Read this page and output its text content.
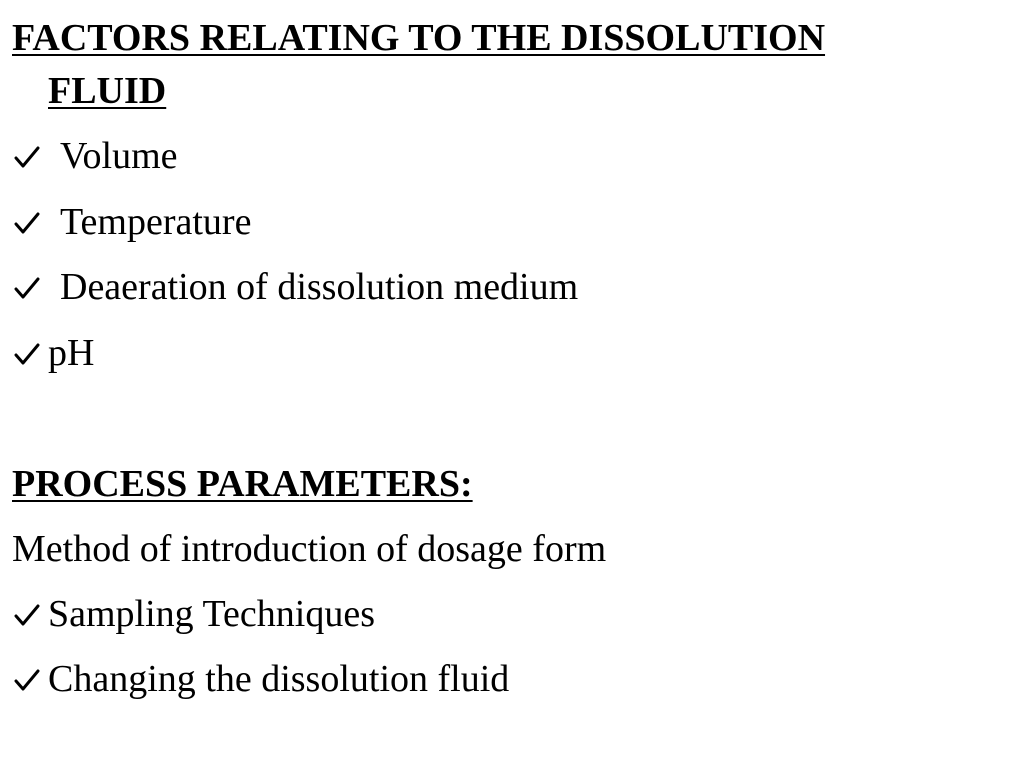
FACTORS RELATING TO THE DISSOLUTION
FLUID
Volume
Temperature
Deaeration of dissolution medium
pH
PROCESS PARAMETERS:
Method of introduction of dosage form
Sampling Techniques
Changing the dissolution fluid
